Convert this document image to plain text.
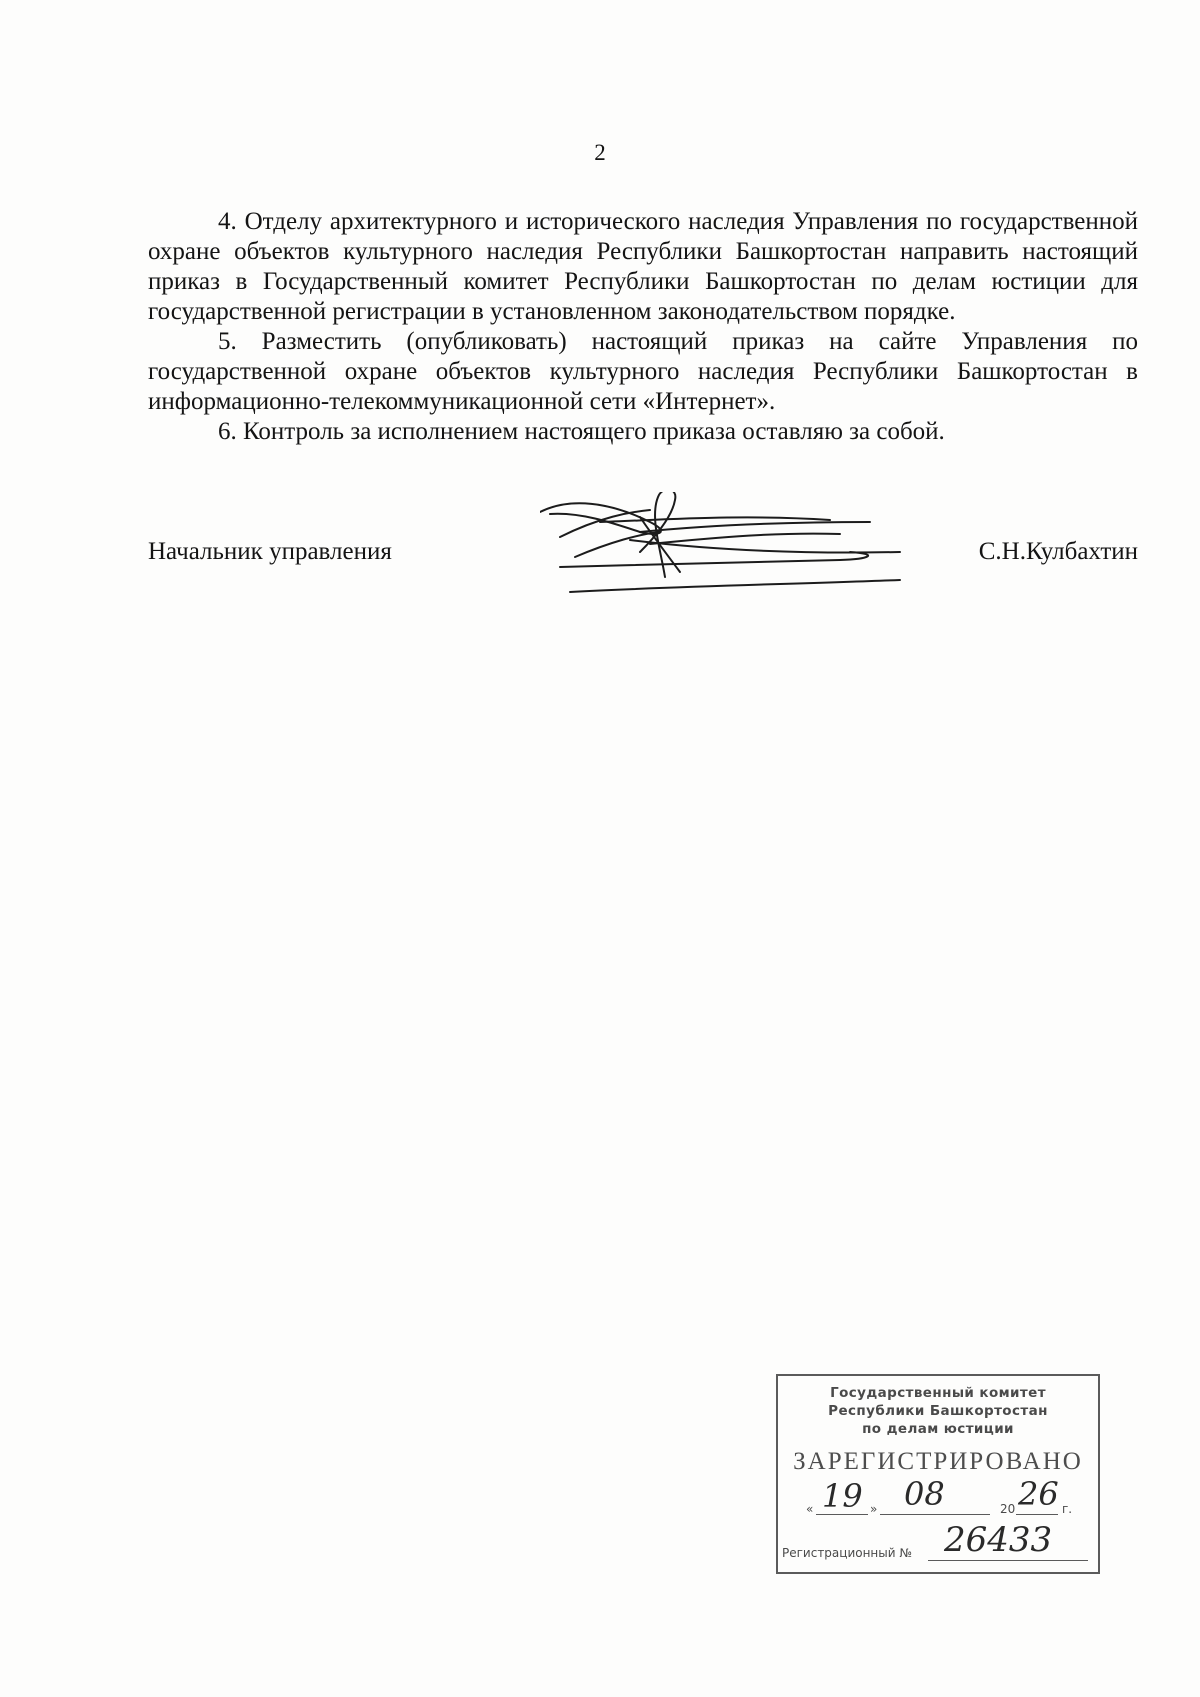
2

4. Отделу архитектурного и исторического наследия Управления по государственной охране объектов культурного наследия Республики Башкортостан направить настоящий приказ в Государственный комитет Республики Башкортостан по делам юстиции для государственной регистрации в установленном законодательством порядке.

5. Разместить (опубликовать) настоящий приказ на сайте Управления по государственной охране объектов культурного наследия Республики Башкортостан в информационно-телекоммуникационной сети «Интернет».

6. Контроль за исполнением настоящего приказа оставляю за собой.

Начальник управления	С.Н.Кулбахтин
Государственный комитет
Республики Башкортостан
по делам юстиции
ЗАРЕГИСТРИРОВАНО
« 19 » 08	20 26 г.
Регистрационный № 26433
